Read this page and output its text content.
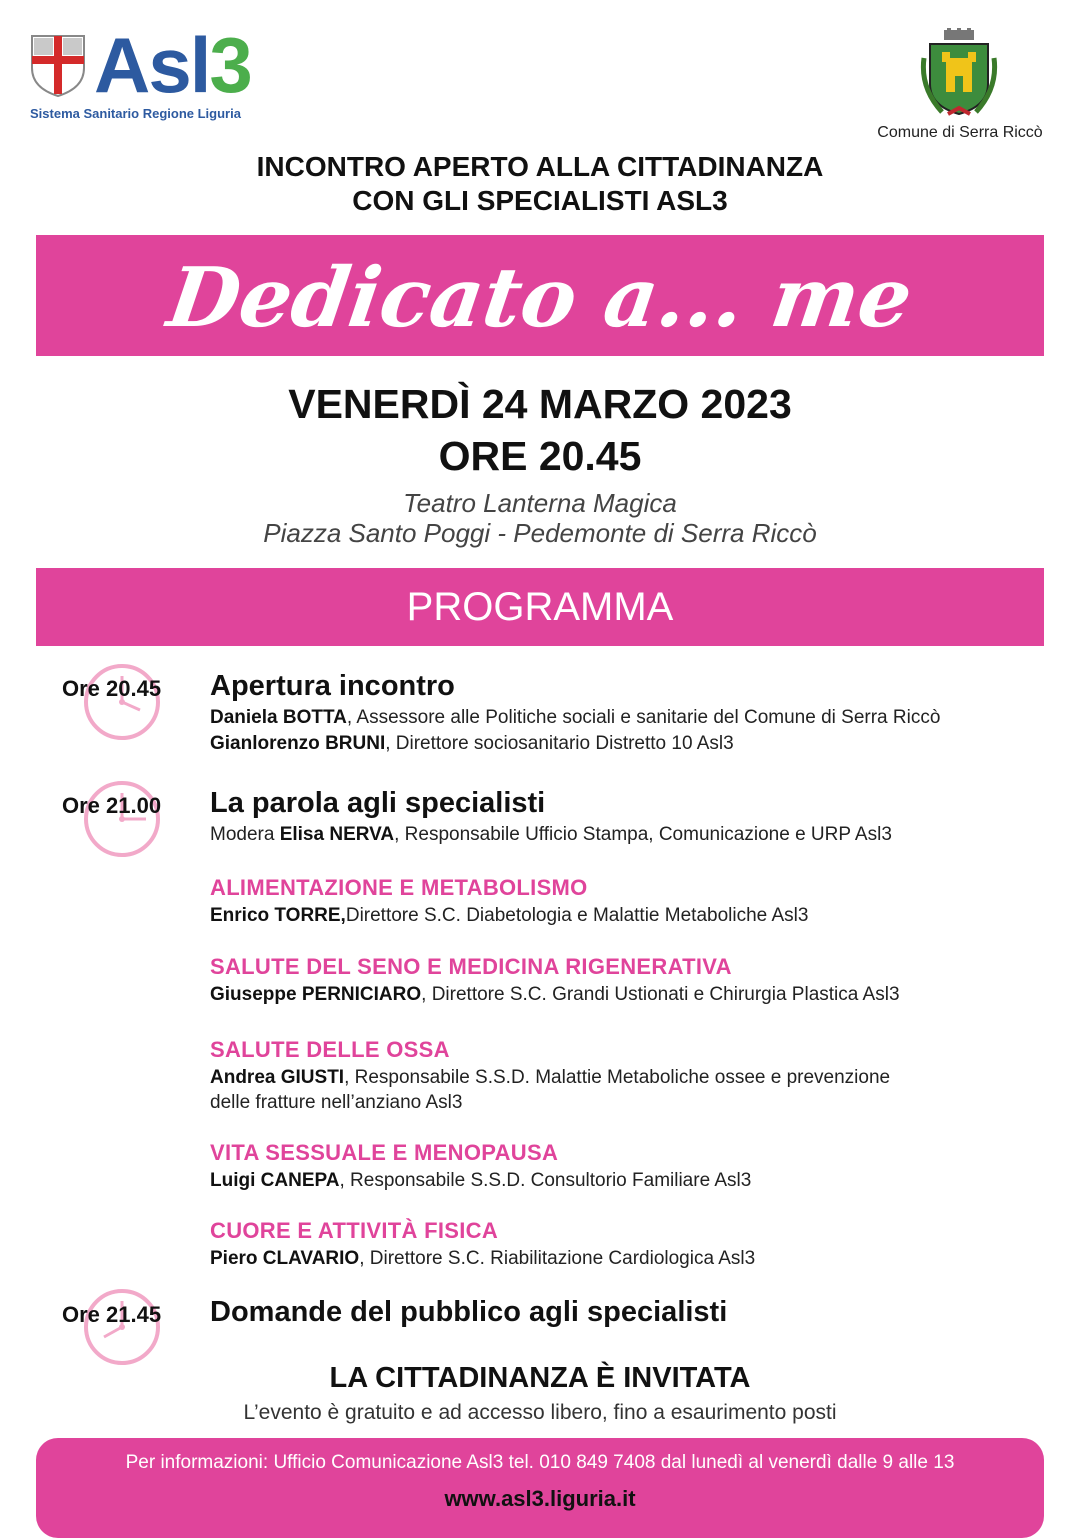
Asl3
Sistema Sanitario Regione Liguria
Comune di Serra Riccò
INCONTRO APERTO ALLA CITTADINANZA
CON GLI SPECIALISTI ASL3
Dedicato a... me
VENERDÌ 24 MARZO 2023
ORE 20.45
Teatro Lanterna Magica
Piazza Santo Poggi - Pedemonte di Serra Riccò
PROGRAMMA
Ore 20.45 Apertura incontro
Daniela BOTTA, Assessore alle Politiche sociali e sanitarie del Comune di Serra Riccò
Gianlorenzo BRUNI, Direttore sociosanitario Distretto 10 Asl3
Ore 21.00 La parola agli specialisti
Modera Elisa NERVA, Responsabile Ufficio Stampa, Comunicazione e URP Asl3
ALIMENTAZIONE E METABOLISMO
Enrico TORRE,Direttore S.C. Diabetologia e Malattie Metaboliche Asl3
SALUTE DEL SENO E MEDICINA RIGENERATIVA
Giuseppe PERNICIARO, Direttore S.C. Grandi Ustionati e Chirurgia Plastica Asl3
SALUTE DELLE OSSA
Andrea GIUSTI, Responsabile S.S.D. Malattie Metaboliche ossee e prevenzione
delle fratture nell’anziano Asl3
VITA SESSUALE E MENOPAUSA
Luigi CANEPA, Responsabile S.S.D. Consultorio Familiare Asl3
CUORE E ATTIVITÀ FISICA
Piero CLAVARIO, Direttore S.C. Riabilitazione Cardiologica Asl3
Ore 21.45 Domande del pubblico agli specialisti
LA CITTADINANZA È INVITATA
L’evento è gratuito e ad accesso libero, fino a esaurimento posti
Per informazioni: Ufficio Comunicazione Asl3 tel. 010 849 7408 dal lunedì al venerdì dalle 9 alle 13
www.asl3.liguria.it
